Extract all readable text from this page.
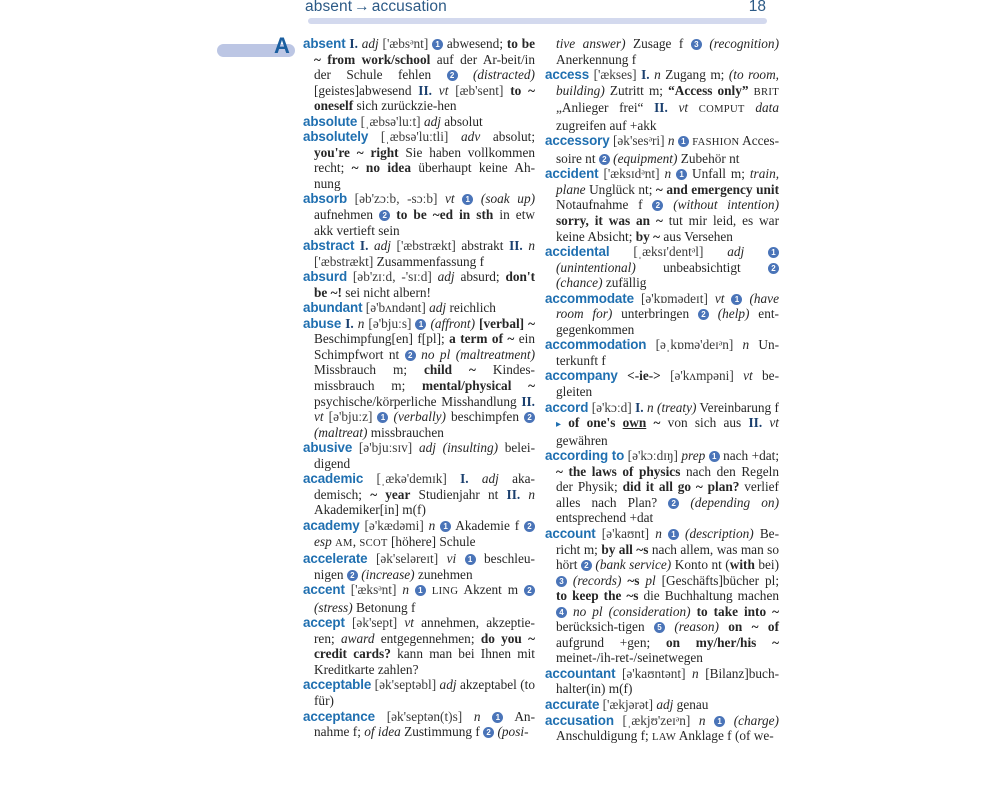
absent → accusation	18
A absent I. adj ['æbsᵊnt] 1 abwesend; to be ~ from work/school auf der Ar-beit/in der Schule fehlen 2 (distracted) [geistes]abwesend II. vt [æb'sent] to ~ oneself sich zurückzie-hen

absolute [ˌæbsə'luːt] adj absolut

absolutely [ˌæbsə'luːtli] adv absolut; you're ~ right Sie haben vollkommen recht; ~ no idea überhaupt keine Ah-nung

absorb [əb'zɔːb, -sɔːb] vt 1 (soak up) aufnehmen 2 to be ~ed in sth in etw akk vertieft sein

abstract I. adj ['æbstrækt] abstrakt II. n ['æbstrækt] Zusammenfassung f

absurd [əb'zɪːd, -'sɪːd] adj absurd; don't be ~! sei nicht albern!

abundant [ə'bʌndənt] adj reichlich

abuse I. n [ə'bjuːs] 1 (affront) [verbal] ~ Beschimpfung[en] f[pl]; a term of ~ ein Schimpfwort nt 2 no pl (maltreatment) Missbrauch m; child ~ Kindes-missbrauch m; mental/physical ~ psychische/körperliche Misshandlung II. vt [ə'bjuːz] 1 (verbally) beschimpfen 2 (maltreat) missbrauchen

abusive [ə'bjuːsɪv] adj (insulting) belei-digend

academic [ˌækə'demɪk] I. adj aka-demisch; ~ year Studienjahr nt II. n Akademiker[in] m(f)

academy [ə'kædəmi] n 1 Akademie f 2 esp AM, SCOT [höhere] Schule

accelerate [ək'seləreɪt] vi 1 beschleu-nigen 2 (increase) zunehmen

accent ['æksᵊnt] n 1 LING Akzent m 2 (stress) Betonung f

accept [ək'sept] vt annehmen, akzeptie-ren; award entgegennehmen; do you ~ credit cards? kann man bei Ihnen mit Kreditkarte zahlen?

acceptable [ək'septəbl] adj akzeptabel (to für)

acceptance [ək'septən(t)s] n 1 An-nahme f; of idea Zustimmung f 2 (posi-

tive answer) Zusage f 3 (recognition) Anerkennung f

access ['ækses] I. n Zugang m; (to room, building) Zutritt m; “Access only” BRIT „Anlieger frei“ II. vt COMPUT data zugreifen auf +akk

accessory [ək'sesᵊri] n 1 FASHION Acces-soire nt 2 (equipment) Zubehör nt

accident ['æksɪdᵊnt] n 1 Unfall m; train, plane Unglück nt; ~ and emergency unit Notaufnahme f 2 (without intention) sorry, it was an ~ tut mir leid, es war keine Absicht; by ~ aus Versehen

accidental [ˌæksɪ'dentᵊl] adj	1 (unintentional) unbeabsichtigt	2 (chance) zufällig

accommodate [ə'kɒmədeɪt] vt 1 (have room for) unterbringen 2 (help) ent-gegenkommen

accommodation [əˌkɒmə'deɪᵊn] n Un-terkunft f

accompany <-ie-> [ə'kʌmpəni] vt be-gleiten

accord [ə'kɔːd] I. n (treaty) Vereinbarung f ▸ of one's own ~ von sich aus II. vt gewähren

according to [ə'kɔːdɪŋ] prep 1 nach +dat; ~ the laws of physics nach den Regeln der Physik; did it all go ~ plan? verlief alles nach Plan? 2 (depending on) entsprechend +dat

account [ə'kaʊnt] n 1 (description) Be-richt m; by all ~s nach allem, was man so hört 2 (bank service) Konto nt (with bei) 3 (records) ~s pl [Geschäfts]bücher pl; to keep the ~s die Buchhaltung machen 4 no pl (consideration) to take into ~ berücksich-tigen 5 (reason) on ~ of aufgrund +gen; on my/her/his ~ meinet-/ih-ret-/seinetwegen

accountant [ə'kaʊntənt] n [Bilanz]buch-halter(in) m(f)

accurate ['ækjərət] adj genau

accusation [ˌækjʊ'zeɪᵊn] n 1 (charge) Anschuldigung f; LAW Anklage f (of we-
